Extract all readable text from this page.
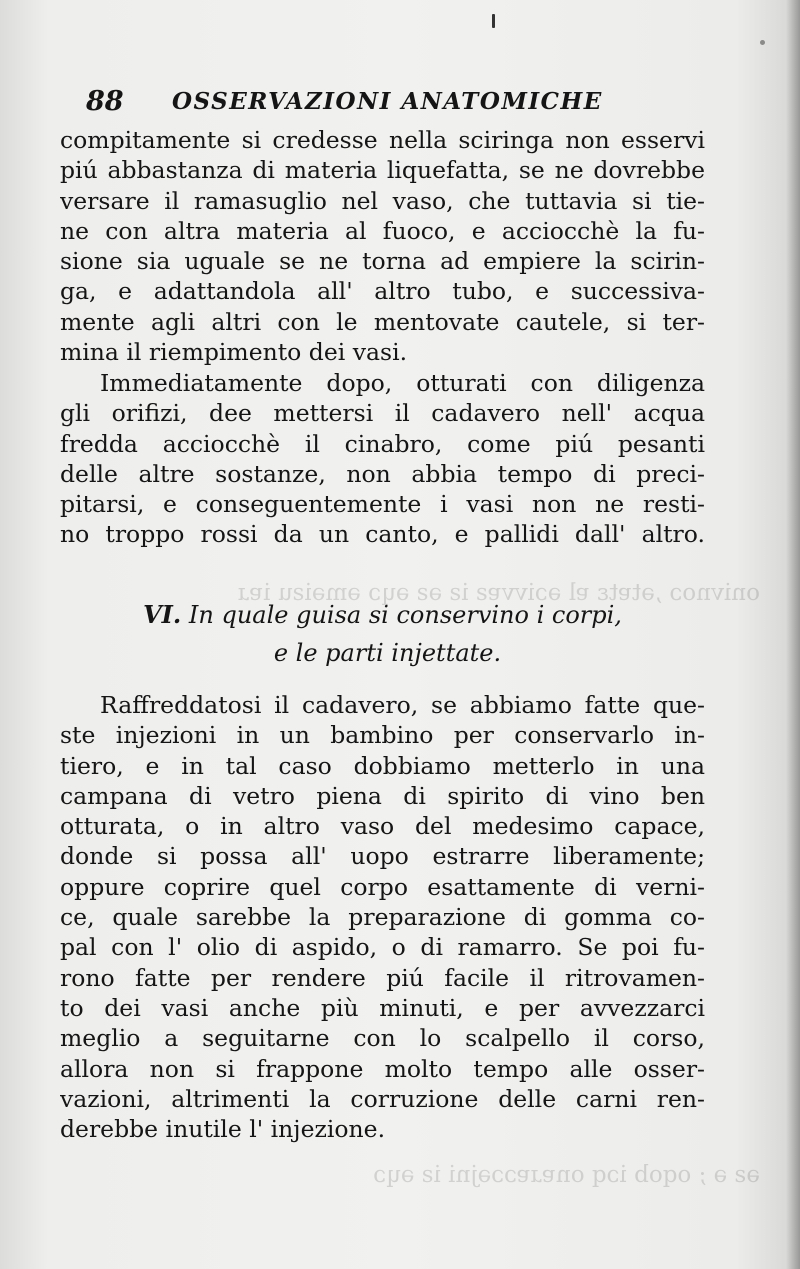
onivnoɔ ,ǝtɐtɛ ɐl ǝɔivvɐƨ iƨ ǝƨ ǝɥɔ ǝmǝiƨu iɐɹ
ǝƨ ǝ ; oqob iɔq onɐɹɐɔɔǝjni iƨ ǝɥɔ
88 OSSERVAZIONI ANATOMICHE
compitamente si credesse nella sciringa non esservi
piú abbastanza di materia liquefatta, se ne dovrebbe
versare il ramasuglio nel vaso, che tuttavia si tie-
ne con altra materia al fuoco, e acciocchè la fu-
sione sia uguale se ne torna ad empiere la scirin-
ga, e adattandola all' altro tubo, e successiva-
mente agli altri con le mentovate cautele, si ter-
mina il riempimento dei vasi.
Immediatamente dopo, otturati con diligenza
gli orifizi, dee mettersi il cadavero nell' acqua
fredda acciocchè il cinabro, come piú pesanti
delle altre sostanze, non abbia tempo di preci-
pitarsi, e conseguentemente i vasi non ne resti-
no troppo rossi da un canto, e pallidi dall' altro.
VI. In quale guisa si conservino i corpi,
e le parti injettate.
Raffreddatosi il cadavero, se abbiamo fatte que-
ste injezioni in un bambino per conservarlo in-
tiero, e in tal caso dobbiamo metterlo in una
campana di vetro piena di spirito di vino ben
otturata, o in altro vaso del medesimo capace,
donde si possa all' uopo estrarre liberamente;
oppure coprire quel corpo esattamente di verni-
ce, quale sarebbe la preparazione di gomma co-
pal con l' olio di aspido, o di ramarro. Se poi fu-
rono fatte per rendere piú facile il ritrovamen-
to dei vasi anche più minuti, e per avvezzarci
meglio a seguitarne con lo scalpello il corso,
allora non si frappone molto tempo alle osser-
vazioni, altrimenti la corruzione delle carni ren-
derebbe inutile l' injezione.
